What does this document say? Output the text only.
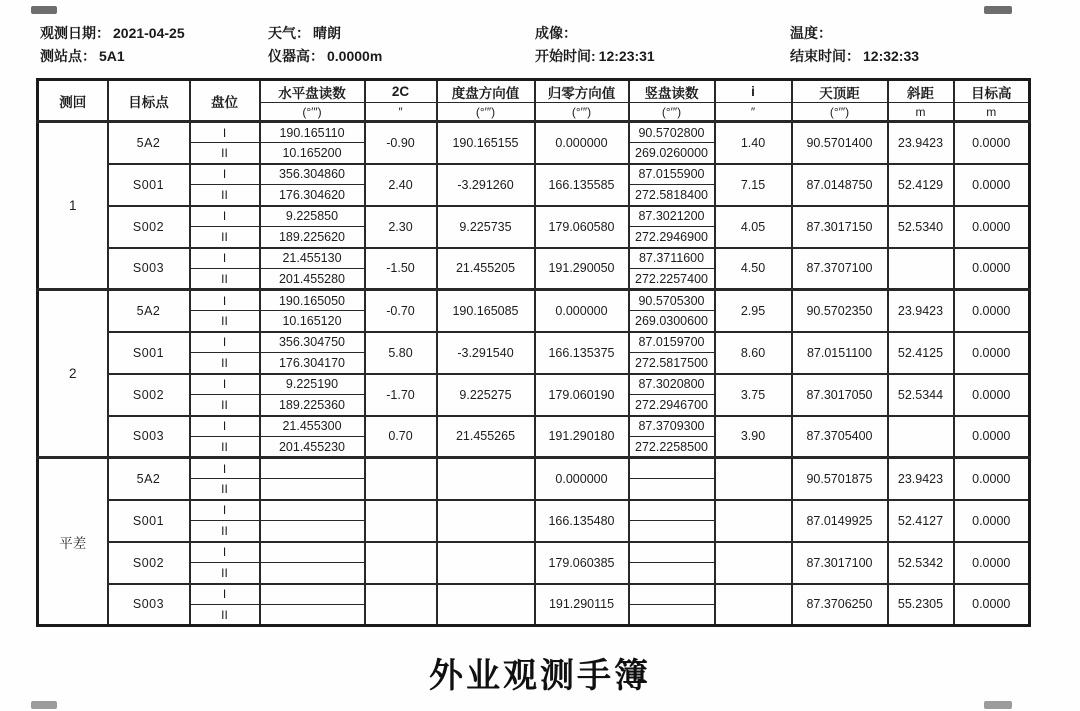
观测日期： 2021-04-25
测站点： 5A1
天气： 晴朗
仪器高： 0.0000m
成像：
开始时间: 12:23:31
温度：
结束时间： 12:32:33
测回	目标点	盘位	水平盘读数	2C	度盘方向值	归零方向值	竖盘读数	i	天顶距	斜距	目标高
			(°′″)	″	(°′″)	(°′″)	(°′″)	″	(°′″)	m	m
1	5A2	I	190.165110	-0.90	190.165155	0.000000	90.5702800	1.40	90.5701400	23.9423	0.0000
		II	10.165200				269.0260000				
	S001	I	356.304860	2.40	-3.291260	166.135585	87.0155900	7.15	87.0148750	52.4129	0.0000
		II	176.304620				272.5818400				
	S002	I	9.225850	2.30	9.225735	179.060580	87.3021200	4.05	87.3017150	52.5340	0.0000
		II	189.225620				272.2946900				
	S003	I	21.455130	-1.50	21.455205	191.290050	87.3711600	4.50	87.3707100		0.0000
		II	201.455280				272.2257400				
2	5A2	I	190.165050	-0.70	190.165085	0.000000	90.5705300	2.95	90.5702350	23.9423	0.0000
		II	10.165120				269.0300600				
	S001	I	356.304750	5.80	-3.291540	166.135375	87.0159700	8.60	87.0151100	52.4125	0.0000
		II	176.304170				272.5817500				
	S002	I	9.225190	-1.70	9.225275	179.060190	87.3020800	3.75	87.3017050	52.5344	0.0000
		II	189.225360				272.2946700				
	S003	I	21.455300	0.70	21.455265	191.290180	87.3709300	3.90	87.3705400		0.0000
		II	201.455230				272.2258500				
平差	5A2	I				0.000000			90.5701875	23.9423	0.0000
		II									
	S001	I				166.135480			87.0149925	52.4127	0.0000
		II									
	S002	I				179.060385			87.3017100	52.5342	0.0000
		II									
	S003	I				191.290115			87.3706250	55.2305	0.0000
		II									
外业观测手簿
